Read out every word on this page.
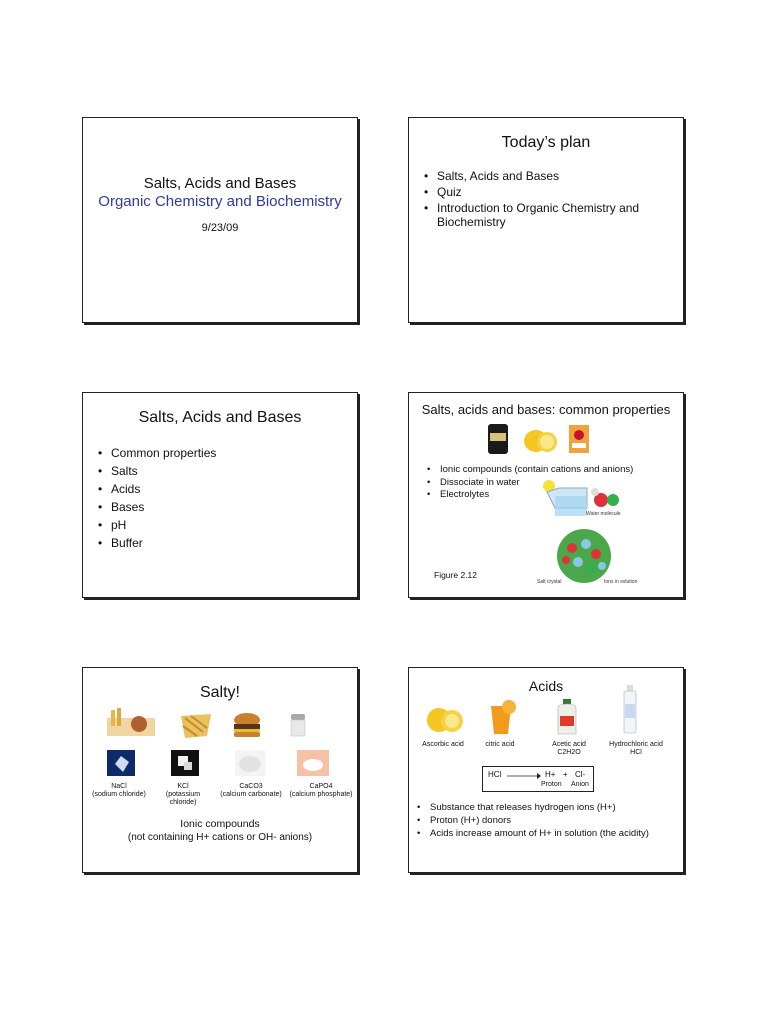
Salts, Acids and Bases
Organic Chemistry and Biochemistry
9/23/09
Today’s plan
• Salts, Acids and Bases
• Quiz
• Introduction to Organic Chemistry and Biochemistry
Salts, Acids and Bases
• Common properties
• Salts
• Acids
• Bases
• pH
• Buffer
Salts, acids and bases: common properties
• Ionic compounds (contain cations and anions)
• Dissociate in water
• Electrolytes
Water molecule
Salt crystal	Ions in solution
Figure 2.12
Salty!
NaCl
(sodium chloride)
KCl
(potassium chloride)
CaCO3
(calcium carbonate)
CaPO4
(calcium phosphate)
Ionic compounds
(not containing H+ cations or OH- anions)
Acids
Ascorbic acid	citric acid	Acetic acid
C2H2O
Hydrochloric acid HCl
HCl	H+ + Cl-
Proton Anion
• Substance that releases hydrogen ions (H+)
• Proton (H+) donors
• Acids increase amount of H+ in solution (the acidity)
